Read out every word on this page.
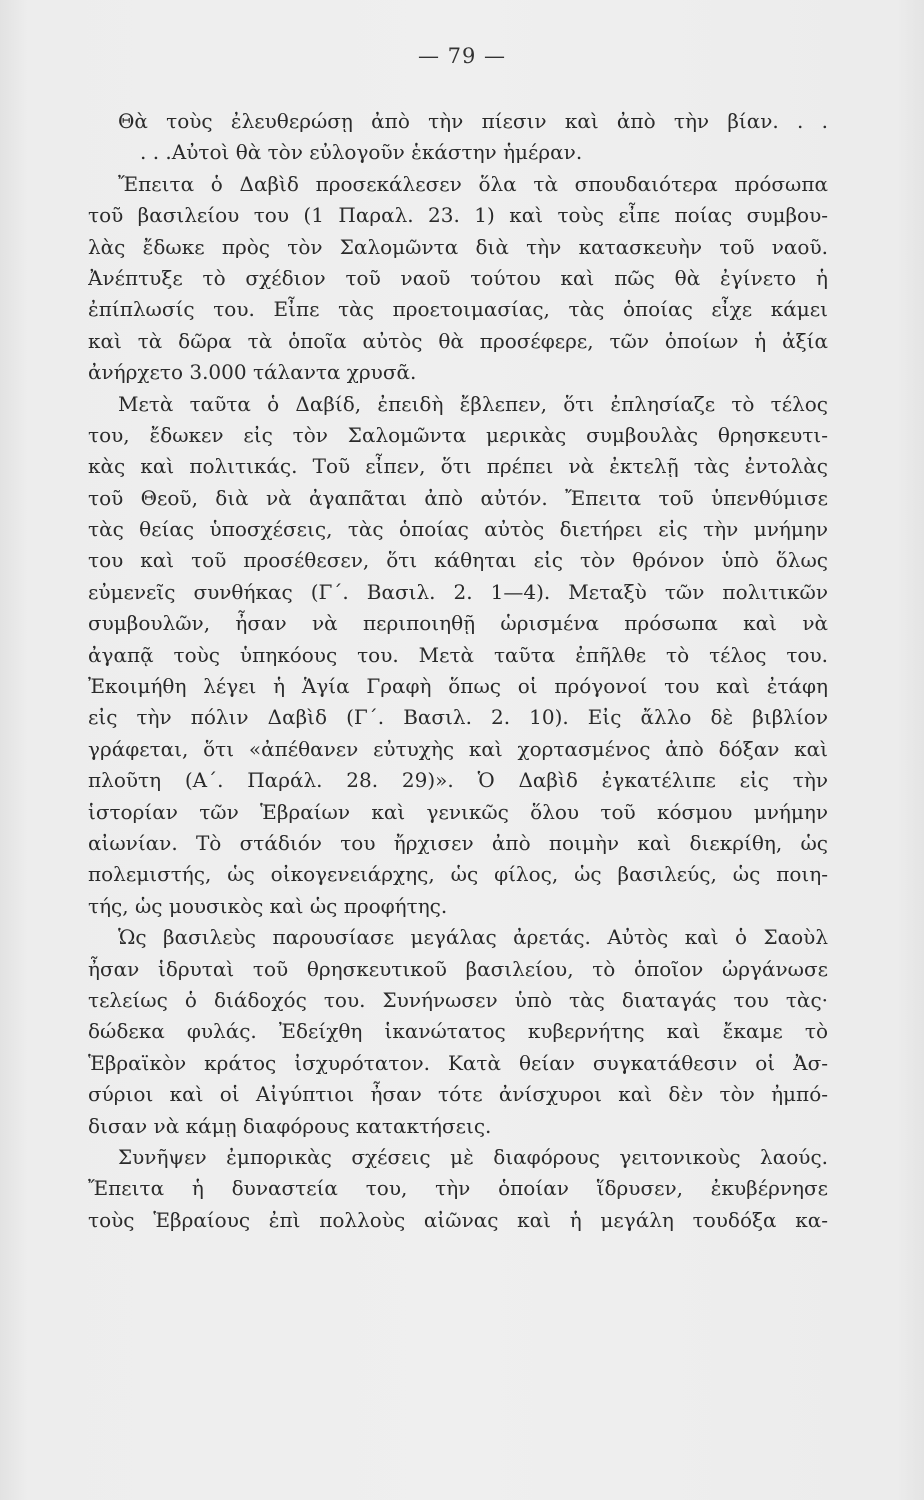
— 79 —
Θὰ τοὺς ἐλευθερώσῃ ἀπὸ τὴν πίεσιν καὶ ἀπὸ τὴν βίαν. . .
. . .Αὐτοὶ θὰ τὸν εὐλογοῦν ἑκάστην ἡμέραν.
Ἔπειτα ὁ Δαβὶδ προσεκάλεσεν ὅλα τὰ σπουδαιότερα πρόσωπα
τοῦ βασιλείου του (1 Παραλ. 23. 1) καὶ τοὺς εἶπε ποίας συμβου-
λὰς ἔδωκε πρὸς τὸν Σαλομῶντα διὰ τὴν κατασκευὴν τοῦ ναοῦ.
Ἀνέπτυξε τὸ σχέδιον τοῦ ναοῦ τούτου καὶ πῶς θὰ ἐγίνετο ἡ
ἐπίπλωσίς του. Εἶπε τὰς προετοιμασίας, τὰς ὁποίας εἶχε κάμει
καὶ τὰ δῶρα τὰ ὁποῖα αὐτὸς θὰ προσέφερε, τῶν ὁποίων ἡ ἀξία
ἀνήρχετο 3.000 τάλαντα χρυσᾶ.
Μετὰ ταῦτα ὁ Δαβίδ, ἐπειδὴ ἔβλεπεν, ὅτι ἐπλησίαζε τὸ τέλος
του, ἔδωκεν εἰς τὸν Σαλομῶντα μερικὰς συμβουλὰς θρησκευτι-
κὰς καὶ πολιτικάς. Τοῦ εἶπεν, ὅτι πρέπει νὰ ἐκτελῇ τὰς ἐντολὰς
τοῦ Θεοῦ, διὰ νὰ ἀγαπᾶται ἀπὸ αὐτόν. Ἔπειτα τοῦ ὑπενθύμισε
τὰς θείας ὑποσχέσεις, τὰς ὁποίας αὐτὸς διετήρει εἰς τὴν μνήμην
του καὶ τοῦ προσέθεσεν, ὅτι κάθηται εἰς τὸν θρόνον ὑπὸ ὅλως
εὐμενεῖς συνθήκας (Γ΄. Βασιλ. 2. 1—4). Μεταξὺ τῶν πολιτικῶν
συμβουλῶν, ἦσαν νὰ περιποιηθῇ ὡρισμένα πρόσωπα καὶ νὰ
ἀγαπᾷ τοὺς ὑπηκόους του. Μετὰ ταῦτα ἐπῆλθε τὸ τέλος του.
Ἐκοιμήθη λέγει ἡ Ἁγία Γραφὴ ὅπως οἱ πρόγονοί του καὶ ἐτάφη
εἰς τὴν πόλιν Δαβὶδ (Γ΄. Βασιλ. 2. 10). Εἰς ἄλλο δὲ βιβλίον
γράφεται, ὅτι «ἀπέθανεν εὐτυχὴς καὶ χορτασμένος ἀπὸ δόξαν καὶ
πλοῦτη (Α΄. Παράλ. 28. 29)». Ὁ Δαβὶδ ἐγκατέλιπε εἰς τὴν
ἱστορίαν τῶν Ἑβραίων καὶ γενικῶς ὅλου τοῦ κόσμου μνήμην
αἰωνίαν. Τὸ στάδιόν του ἤρχισεν ἀπὸ ποιμὴν καὶ διεκρίθη, ὡς
πολεμιστής, ὡς οἰκογενειάρχης, ὡς φίλος, ὡς βασιλεύς, ὡς ποιη-
τής, ὡς μουσικὸς καὶ ὡς προφήτης.
Ὡς βασιλεὺς παρουσίασε μεγάλας ἀρετάς. Αὐτὸς καὶ ὁ Σαοὺλ
ἦσαν ἱδρυταὶ τοῦ θρησκευτικοῦ βασιλείου, τὸ ὁποῖον ὠργάνωσε
τελείως ὁ διάδοχός του. Συνήνωσεν ὑπὸ τὰς διαταγάς του τὰς·
δώδεκα φυλάς. Ἐδείχθη ἱκανώτατος κυβερνήτης καὶ ἔκαμε τὸ
Ἑβραϊκὸν κράτος ἰσχυρότατον. Κατὰ θείαν συγκατάθεσιν οἱ Ἀσ-
σύριοι καὶ οἱ Αἰγύπτιοι ἦσαν τότε ἀνίσχυροι καὶ δὲν τὸν ἠμπό-
δισαν νὰ κάμῃ διαφόρους κατακτήσεις.
Συνῆψεν ἐμπορικὰς σχέσεις μὲ διαφόρους γειτονικοὺς λαούς.
Ἔπειτα ἡ δυναστεία του, τὴν ὁποίαν ἵδρυσεν, ἐκυβέρνησε
τοὺς Ἑβραίους ἐπὶ πολλοὺς αἰῶνας καὶ ἡ μεγάλη τουδόξα κα-
